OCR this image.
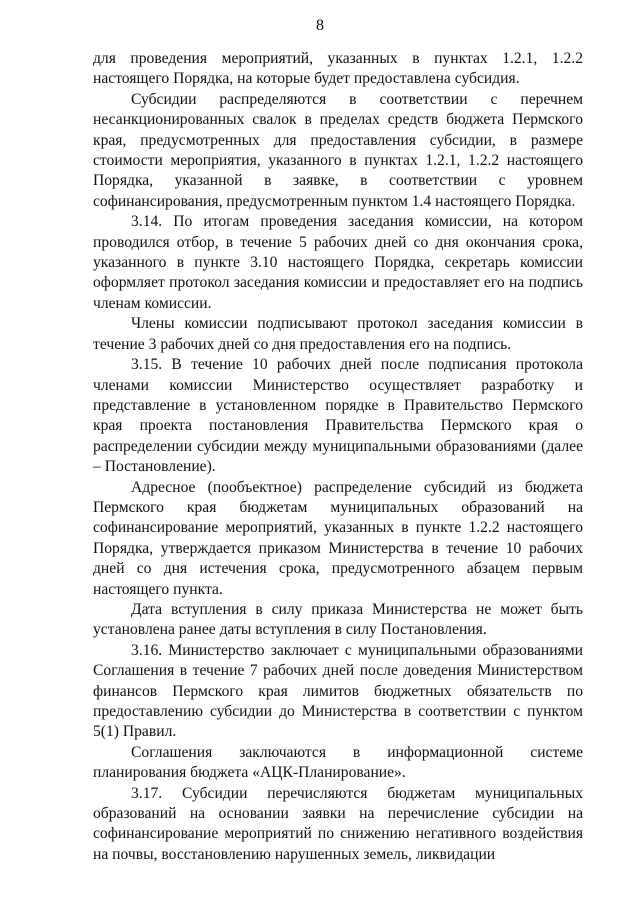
8

для проведения мероприятий, указанных в пунктах 1.2.1, 1.2.2 настоящего Порядка, на которые будет предоставлена субсидия.

Субсидии распределяются в соответствии с перечнем несанкционированных свалок в пределах средств бюджета Пермского края, предусмотренных для предоставления субсидии, в размере стоимости мероприятия, указанного в пунктах 1.2.1, 1.2.2 настоящего Порядка, указанной в заявке, в соответствии с уровнем софинансирования, предусмотренным пунктом 1.4 настоящего Порядка.

3.14. По итогам проведения заседания комиссии, на котором проводился отбор, в течение 5 рабочих дней со дня окончания срока, указанного в пункте 3.10 настоящего Порядка, секретарь комиссии оформляет протокол заседания комиссии и предоставляет его на подпись членам комиссии.

Члены комиссии подписывают протокол заседания комиссии в течение 3 рабочих дней со дня предоставления его на подпись.

3.15. В течение 10 рабочих дней после подписания протокола членами комиссии Министерство осуществляет разработку и представление в установленном порядке в Правительство Пермского края проекта постановления Правительства Пермского края о распределении субсидии между муниципальными образованиями (далее – Постановление).

Адресное (пообъектное) распределение субсидий из бюджета Пермского края бюджетам муниципальных образований на софинансирование мероприятий, указанных в пункте 1.2.2 настоящего Порядка, утверждается приказом Министерства в течение 10 рабочих дней со дня истечения срока, предусмотренного абзацем первым настоящего пункта.

Дата вступления в силу приказа Министерства не может быть установлена ранее даты вступления в силу Постановления.

3.16. Министерство заключает с муниципальными образованиями Соглашения в течение 7 рабочих дней после доведения Министерством финансов Пермского края лимитов бюджетных обязательств по предоставлению субсидии до Министерства в соответствии с пунктом 5(1) Правил.

Соглашения заключаются в информационной системе планирования бюджета «АЦК-Планирование».

3.17. Субсидии перечисляются бюджетам муниципальных образований на основании заявки на перечисление субсидии на софинансирование мероприятий по снижению негативного воздействия на почвы, восстановлению нарушенных земель, ликвидации
